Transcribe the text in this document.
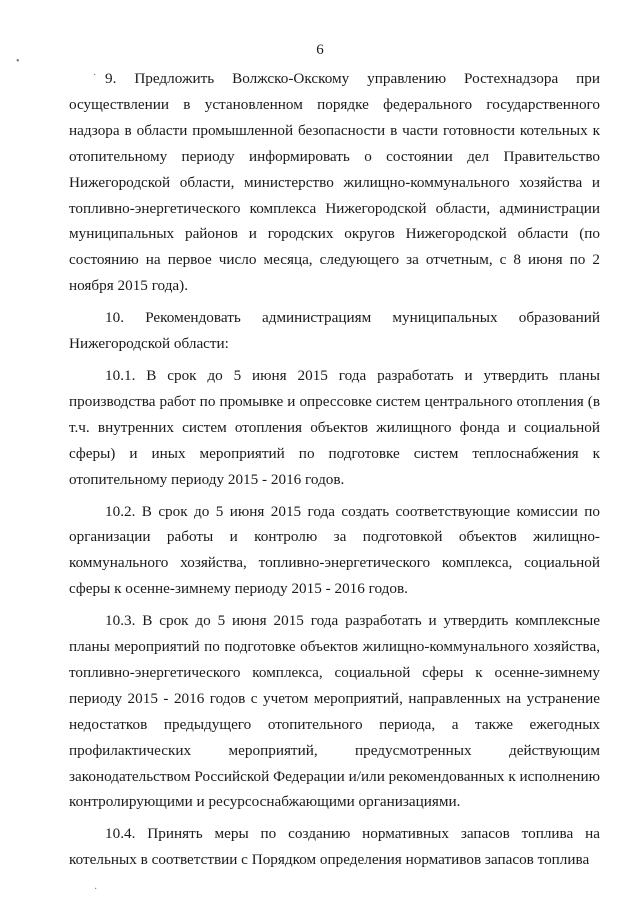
•
·
·
6

9. Предложить Волжско-Окскому управлению Ростехнадзора при осуществлении в установленном порядке федерального государственного надзора в области промышленной безопасности в части готовности котельных к отопительному периоду информировать о состоянии дел Правительство Нижегородской области, министерство жилищно-коммунального хозяйства и топливно-энергетического комплекса Нижегородской области, администрации муниципальных районов и городских округов Нижегородской области (по состоянию на первое число месяца, следующего за отчетным, с 8 июня по 2 ноября 2015 года).

10. Рекомендовать администрациям муниципальных образований Нижегородской области:

10.1. В срок до 5 июня 2015 года разработать и утвердить планы производства работ по промывке и опрессовке систем центрального отопления (в т.ч. внутренних систем отопления объектов жилищного фонда и социальной сферы) и иных мероприятий по подготовке систем теплоснабжения к отопительному периоду 2015 - 2016 годов.

10.2. В срок до 5 июня 2015 года создать соответствующие комиссии по организации работы и контролю за подготовкой объектов жилищно-коммунального хозяйства, топливно-энергетического комплекса, социальной сферы к осенне-зимнему периоду 2015 - 2016 годов.

10.3. В срок до 5 июня 2015 года разработать и утвердить комплексные планы мероприятий по подготовке объектов жилищно-коммунального хозяйства, топливно-энергетического комплекса, социальной сферы к осенне-зимнему периоду 2015 - 2016 годов с учетом мероприятий, направленных на устранение недостатков предыдущего отопительного периода, а также ежегодных профилактических мероприятий, предусмотренных действующим законодательством Российской Федерации и/или рекомендованных к исполнению контролирующими и ресурсоснабжающими организациями.

10.4. Принять меры по созданию нормативных запасов топлива на котельных в соответствии с Порядком определения нормативов запасов топлива
